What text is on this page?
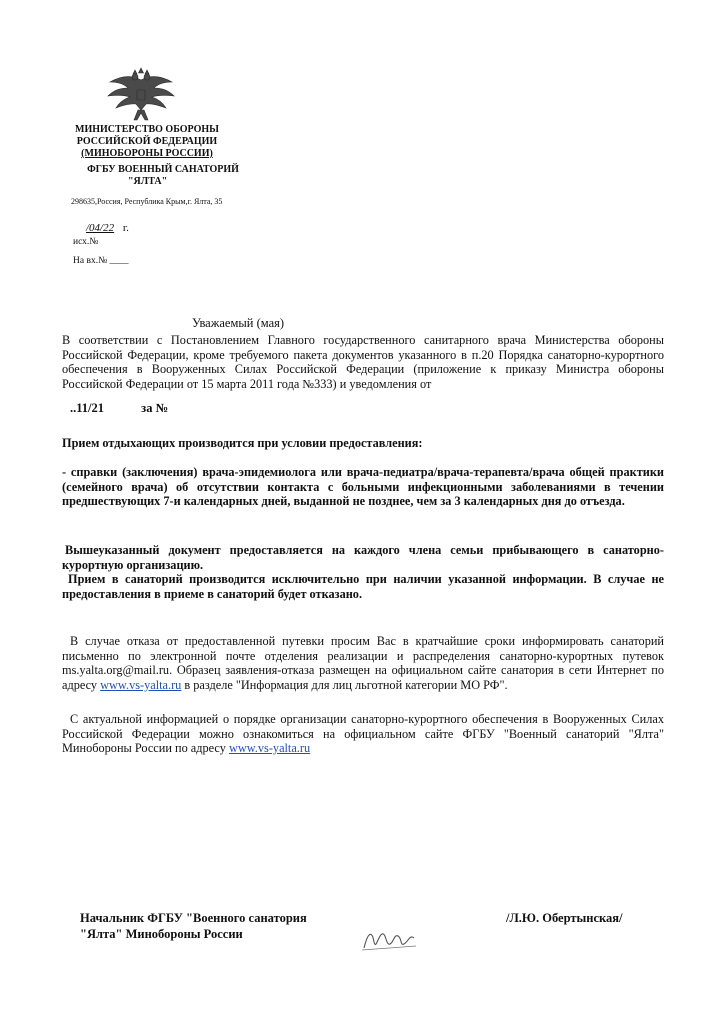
МИНИСТЕРСТВО ОБОРОНЫ
РОССИЙСКОЙ ФЕДЕРАЦИИ
(МИНОБОРОНЫ РОССИИ)
ФГБУ ВОЕННЫЙ САНАТОРИЙ
"ЯЛТА"
298635,Россия, Республика Крым,г. Ялта, 35
/04/22 г.
исх.№
На вх.№ ____
Уважаемый (мая)
В соответствии с Постановлением Главного государственного санитарного врача Министерства обороны Российской Федерации, кроме требуемого пакета документов указанного в п.20 Порядка санаторно-курортного обеспечения в Вооруженных Силах Российской Федерации (приложение к приказу Министра обороны Российской Федерации от 15 марта 2011 года №333) и уведомления от
..11/21	за №
Прием отдыхающих производится при условии предоставления:
- справки (заключения) врача-эпидемиолога или врача-педиатра/врача-терапевта/врача общей практики (семейного врача) об отсутствии контакта с больными инфекционными заболеваниями в течении предшествующих 7-и календарных дней, выданной не позднее, чем за 3 календарных дня до отъезда.
Вышеуказанный документ предоставляется на каждого члена семьи прибывающего в санаторно-курортную организацию.
Прием в санаторий производится исключительно при наличии указанной информации. В случае не предоставления в приеме в санаторий будет отказано.
В случае отказа от предоставленной путевки просим Вас в кратчайшие сроки информировать санаторий письменно по электронной почте отделения реализации и распределения санаторно-курортных путевок ms.yalta.org@mail.ru. Образец заявления-отказа размещен на официальном сайте санатория в сети Интернет по адресу www.vs-yalta.ru в разделе "Информация для лиц льготной категории МО РФ".
С актуальной информацией о порядке организации санаторно-курортного обеспечения в Вооруженных Силах Российской Федерации можно ознакомиться на официальном сайте ФГБУ "Военный санаторий "Ялта" Минобороны России по адресу www.vs-yalta.ru
Начальник ФГБУ "Военного санатория
"Ялта" Минобороны России
/Л.Ю. Обертынская/
